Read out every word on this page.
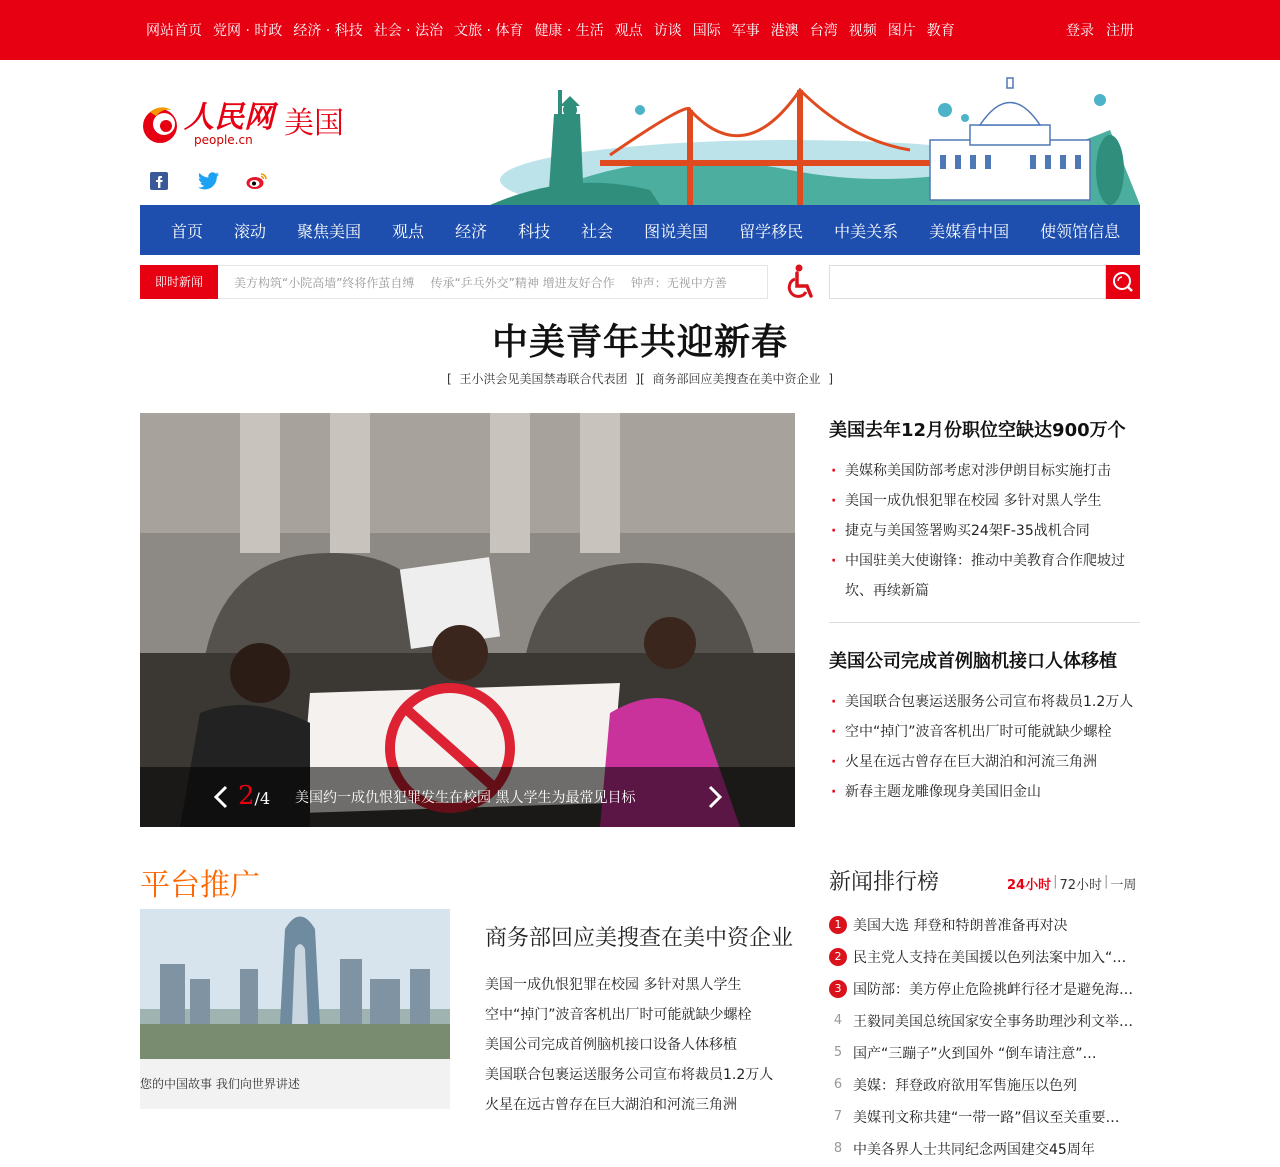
网站首页 党网 · 时政 经济 · 科技 社会 · 法治 文旅 · 体育 健康 · 生活 观点 访谈 国际 军事 港澳 台湾 视频 图片 教育	登录 注册
人民网
people.cn	美国
首页 滚动 聚焦美国 观点 经济 科技 社会 图说美国 留学移民 中美关系 美媒看中国 使领馆信息
即时新闻	美方构筑“小院高墙”终将作茧自缚 传承“乒乓外交”精神 增进友好合作 钟声：无视中方善
中美青年共迎新春
[ 王小洪会见美国禁毒联合代表团 ][ 商务部回应美搜查在美中资企业 ]
2/4 美国约一成仇恨犯罪发生在校园 黑人学生为最常见目标
美国去年12月份职位空缺达900万个
· 美媒称美国防部考虑对涉伊朗目标实施打击
· 美国一成仇恨犯罪在校园 多针对黑人学生
· 捷克与美国签署购买24架F-35战机合同
· 中国驻美大使谢锋：推动中美教育合作爬坡过坎、再续新篇
美国公司完成首例脑机接口人体移植
· 美国联合包裹运送服务公司宣布将裁员1.2万人
· 空中“掉门”波音客机出厂时可能就缺少螺栓
· 火星在远古曾存在巨大湖泊和河流三角洲
· 新春主题龙雕像现身美国旧金山
平台推广
您的中国故事 我们向世界讲述
商务部回应美搜查在美中资企业
美国一成仇恨犯罪在校园 多针对黑人学生
空中“掉门”波音客机出厂时可能就缺少螺栓
美国公司完成首例脑机接口设备人体移植
美国联合包裹运送服务公司宣布将裁员1.2万人
火星在远古曾存在巨大湖泊和河流三角洲
新闻排行榜	24小时 | 72小时 | 一周
1 美国大选 拜登和特朗普准备再对决
2 民主党人支持在美国援以色列法案中加入“…
3 国防部：美方停止危险挑衅行径才是避免海…
4 王毅同美国总统国家安全事务助理沙利文举…
5 国产“三蹦子”火到国外 “倒车请注意”…
6 美媒：拜登政府欲用军售施压以色列
7 美媒刊文称共建“一带一路”倡议至关重要…
8 中美各界人士共同纪念两国建交45周年
